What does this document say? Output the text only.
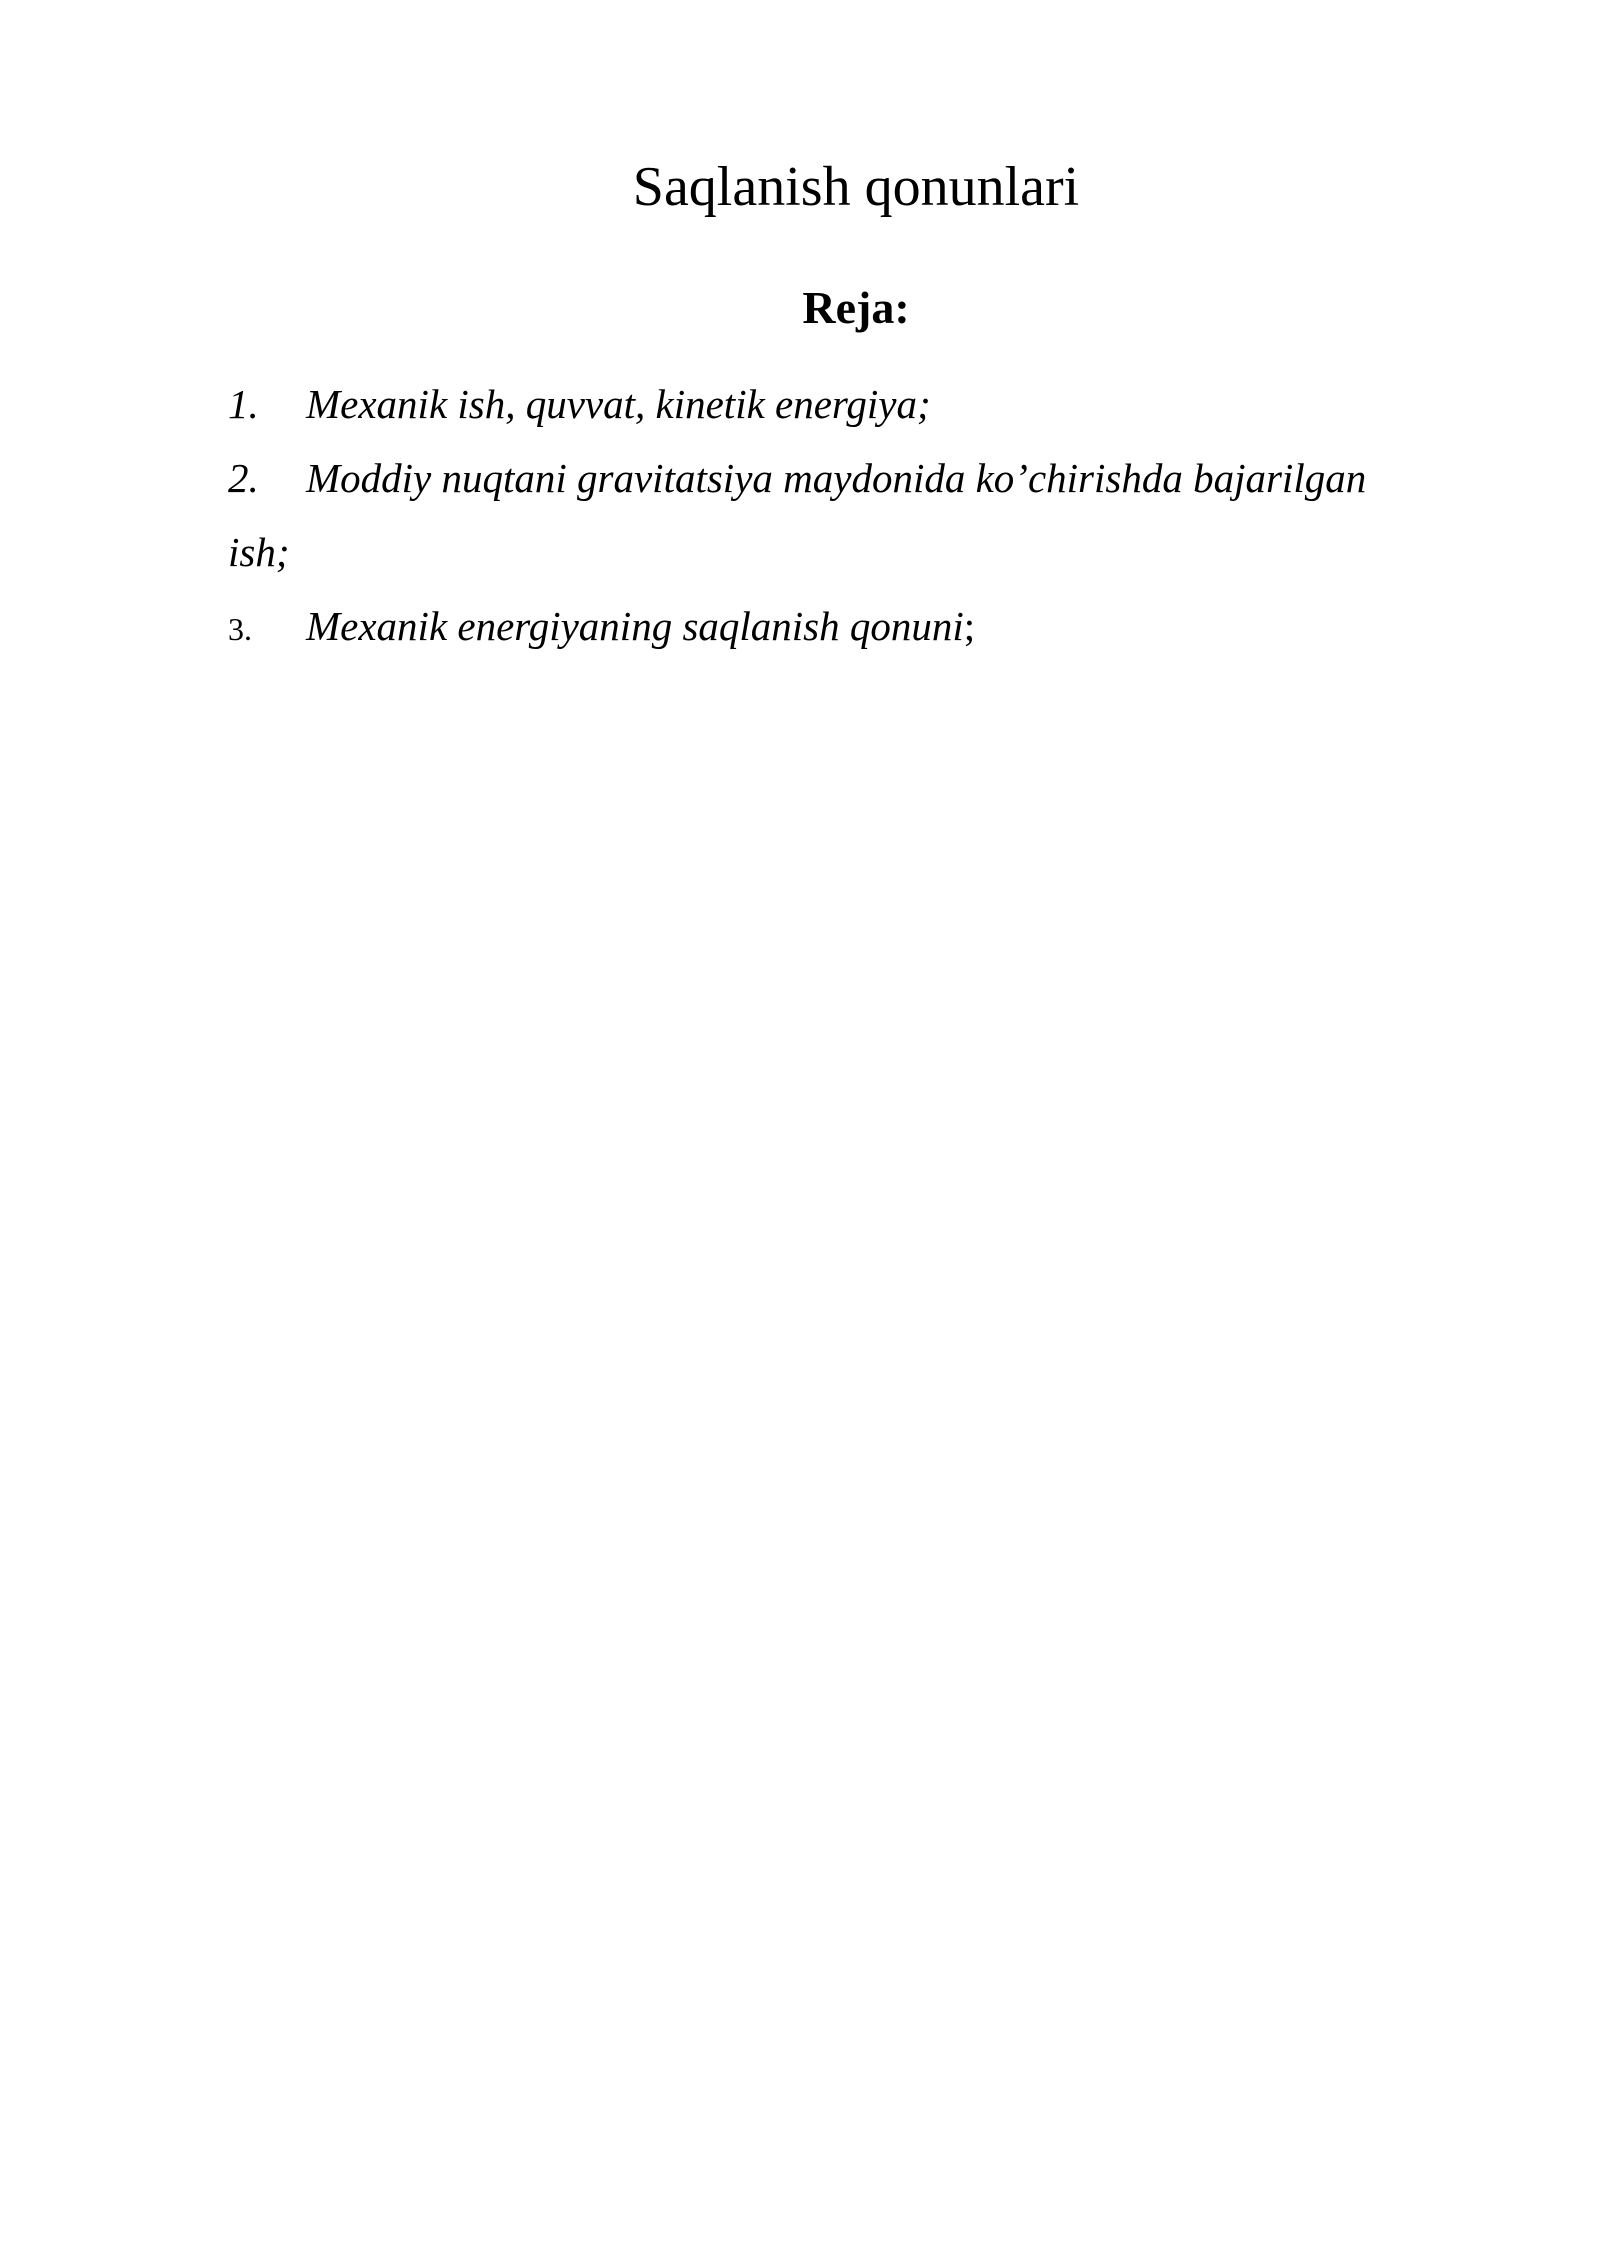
Saqlanish qonunlari
Reja:
1. Mexanik ish, quvvat, kinetik energiya;
2. Moddiy nuqtani gravitatsiya maydonida ko’chirishda bajarilgan
ish;
3. Mexanik energiyaning saqlanish qonuni;
